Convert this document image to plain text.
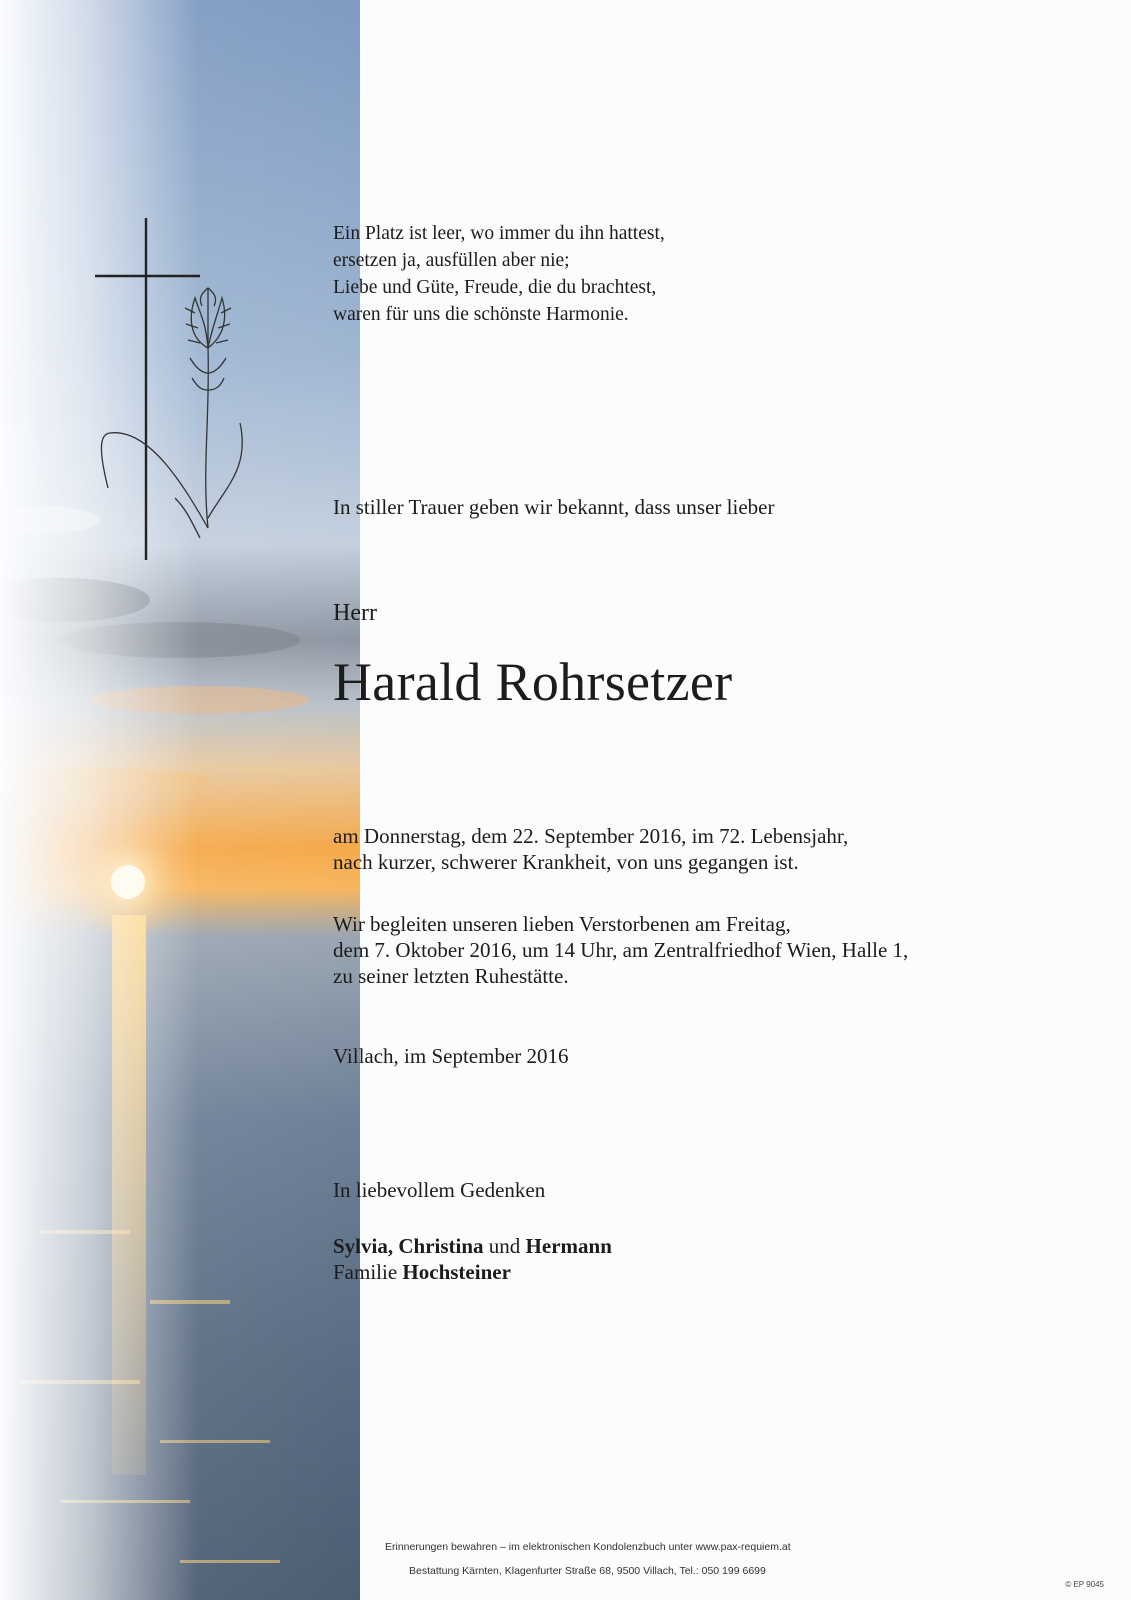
Ein Platz ist leer, wo immer du ihn hattest,
ersetzen ja, ausfüllen aber nie;
Liebe und Güte, Freude, die du brachtest,
waren für uns die schönste Harmonie.

In stiller Trauer geben wir bekannt, dass unser lieber

Herr

Harald Rohrsetzer
am Donnerstag, dem 22. September 2016, im 72. Lebensjahr,
nach kurzer, schwerer Krankheit, von uns gegangen ist.
Wir begleiten unseren lieben Verstorbenen am Freitag,
dem 7. Oktober 2016, um 14 Uhr, am Zentralfriedhof Wien, Halle 1,
zu seiner letzten Ruhestätte.

Villach, im September 2016

In liebevollem Gedenken

Sylvia, Christina und Hermann
Familie Hochsteiner
Erinnerungen bewahren – im elektronischen Kondolenzbuch unter www.pax-requiem.at
Bestattung Kärnten, Klagenfurter Straße 68, 9500 Villach, Tel.: 050 199 6699
© EP 9045
